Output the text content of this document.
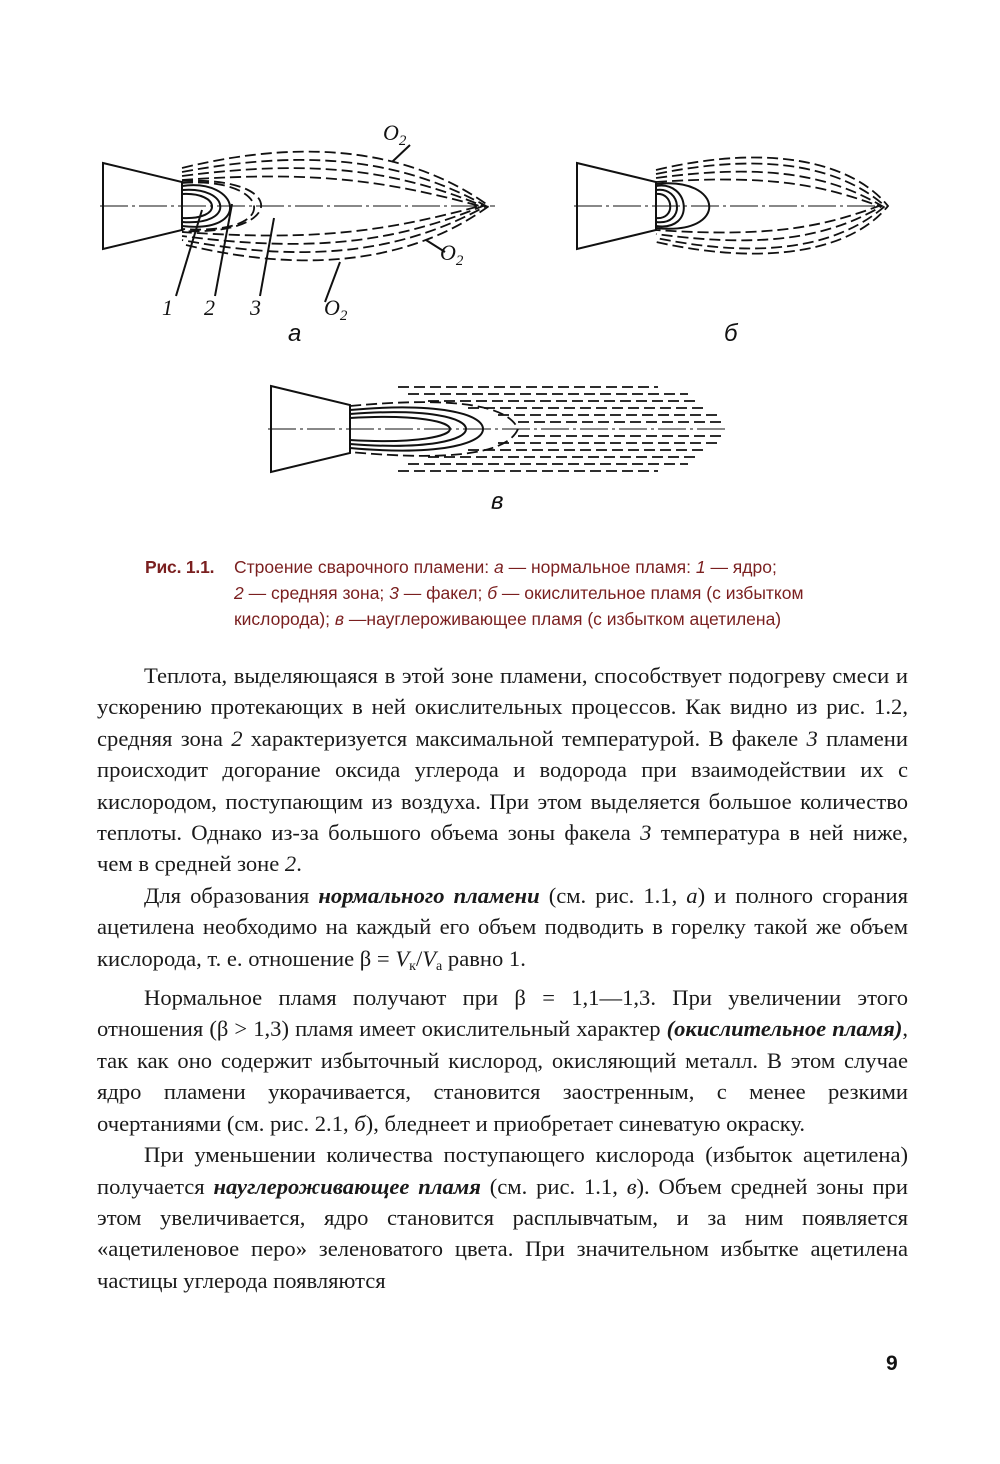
1 2 3
$O_2$
$O_2$
$O_2$
а	б
в
Рис. 1.1. Строение сварочного пламени: а — нормальное пламя: 1 — ядро;
2 — средняя зона; 3 — факел; б — окислительное пламя (с избытком
кислорода); в —науглероживающее пламя (с избытком ацетилена)

Теплота, выделяющаяся в этой зоне пламени, способствует подогреву смеси и ускорению протекающих в ней окислительных процессов. Как видно из рис. 1.2, средняя зона 2 характеризуется максимальной температурой. В факеле 3 пламени происходит догорание оксида углерода и водорода при взаимодействии их с кислородом, поступающим из воздуха. При этом выделяется большое количество теплоты. Однако из-за большого объема зоны факела 3 температура в ней ниже, чем в средней зоне 2.

Для образования нормального пламени (см. рис. 1.1, а) и полного сгорания ацетилена необходимо на каждый его объем подводить в горелку такой же объем кислорода, т. е. отношение $\beta = V_к/V_а$ равно 1.

Нормальное пламя получают при β = 1,1—1,3. При увеличении этого отношения (β > 1,3) пламя имеет окислительный характер (окислительное пламя), так как оно содержит избыточный кислород, окисляющий металл. В этом случае ядро пламени укорачивается, становится заостренным, с менее резкими очертаниями (см. рис. 2.1, б), бледнеет и приобретает синеватую окраску.

При уменьшении количества поступающего кислорода (избыток ацетилена) получается науглероживающее пламя (см. рис. 1.1, в). Объем средней зоны при этом увеличивается, ядро становится расплывчатым, и за ним появляется «ацетиленовое перо» зеленоватого цвета. При значительном избытке ацетилена частицы углерода появляются

9
